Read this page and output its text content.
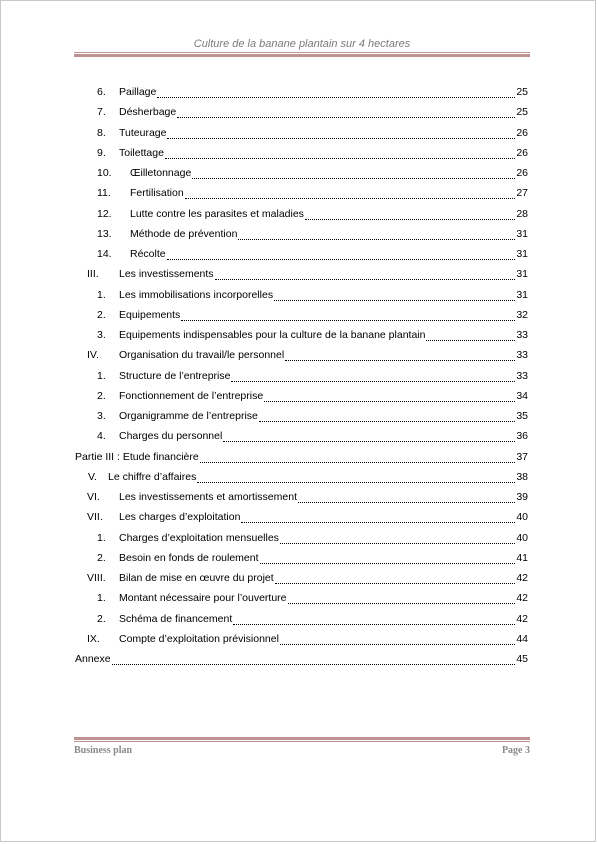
Culture de la banane plantain sur 4 hectares
6. Paillage	25
7. Désherbage	25
8. Tuteurage	26
9. Toilettage	26
10. Œilletonnage	26
11. Fertilisation	27
12. Lutte contre les parasites et maladies	28
13. Méthode de prévention	31
14. Récolte	31
III. Les investissements	31
1. Les immobilisations incorporelles	31
2. Equipements	32
3. Equipements indispensables pour la culture de la banane plantain	33
IV. Organisation du travail/le personnel	33
1. Structure de l’entreprise	33
2. Fonctionnement de l’entreprise	34
3. Organigramme de l’entreprise	35
4. Charges du personnel	36
Partie III : Etude financière	37
V. Le chiffre d’affaires	38
VI. Les investissements et amortissement	39
VII. Les charges d’exploitation	40
1. Charges d’exploitation mensuelles	40
2. Besoin en fonds de roulement	41
VIII. Bilan de mise en œuvre du projet	42
1. Montant nécessaire pour l’ouverture	42
2. Schéma de financement	42
IX. Compte d’exploitation prévisionnel	44
Annexe	45
Business plan	Page 3
